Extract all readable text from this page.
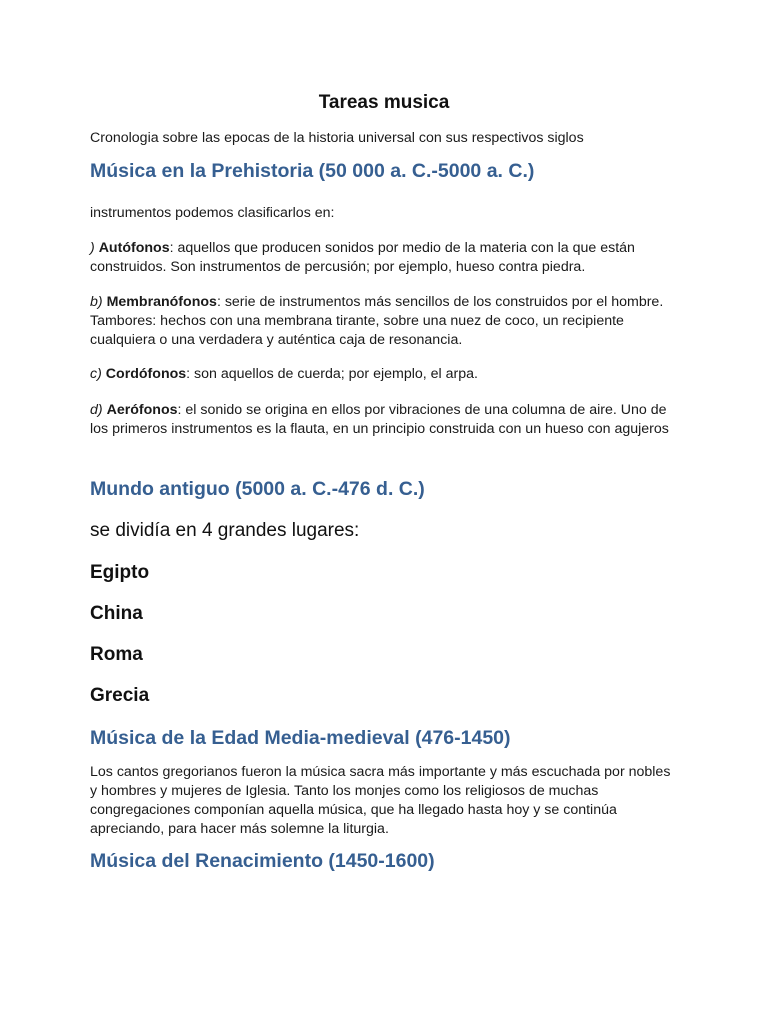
Tareas musica

Cronologia sobre las epocas de la historia universal con sus respectivos siglos

Música en la Prehistoria (50 000 a. C.-5000 a. C.)

instrumentos podemos clasificarlos en:

) Autófonos: aquellos que producen sonidos por medio de la materia con la que están construidos. Son instrumentos de percusión; por ejemplo, hueso contra piedra.

b) Membranófonos: serie de instrumentos más sencillos de los construidos por el hombre. Tambores: hechos con una membrana tirante, sobre una nuez de coco, un recipiente cualquiera o una verdadera y auténtica caja de resonancia.

c) Cordófonos: son aquellos de cuerda; por ejemplo, el arpa.

d) Aerófonos: el sonido se origina en ellos por vibraciones de una columna de aire. Uno de los primeros instrumentos es la flauta, en un principio construida con un hueso con agujeros

Mundo antiguo (5000 a. C.-476 d. C.)

se dividía en 4 grandes lugares:

Egipto

China

Roma

Grecia

Música de la Edad Media-medieval (476-1450)

Los cantos gregorianos fueron la música sacra más importante y más escuchada por nobles y hombres y mujeres de Iglesia. Tanto los monjes como los religiosos de muchas congregaciones componían aquella música, que ha llegado hasta hoy y se continúa apreciando, para hacer más solemne la liturgia.

Música del Renacimiento (1450-1600)
